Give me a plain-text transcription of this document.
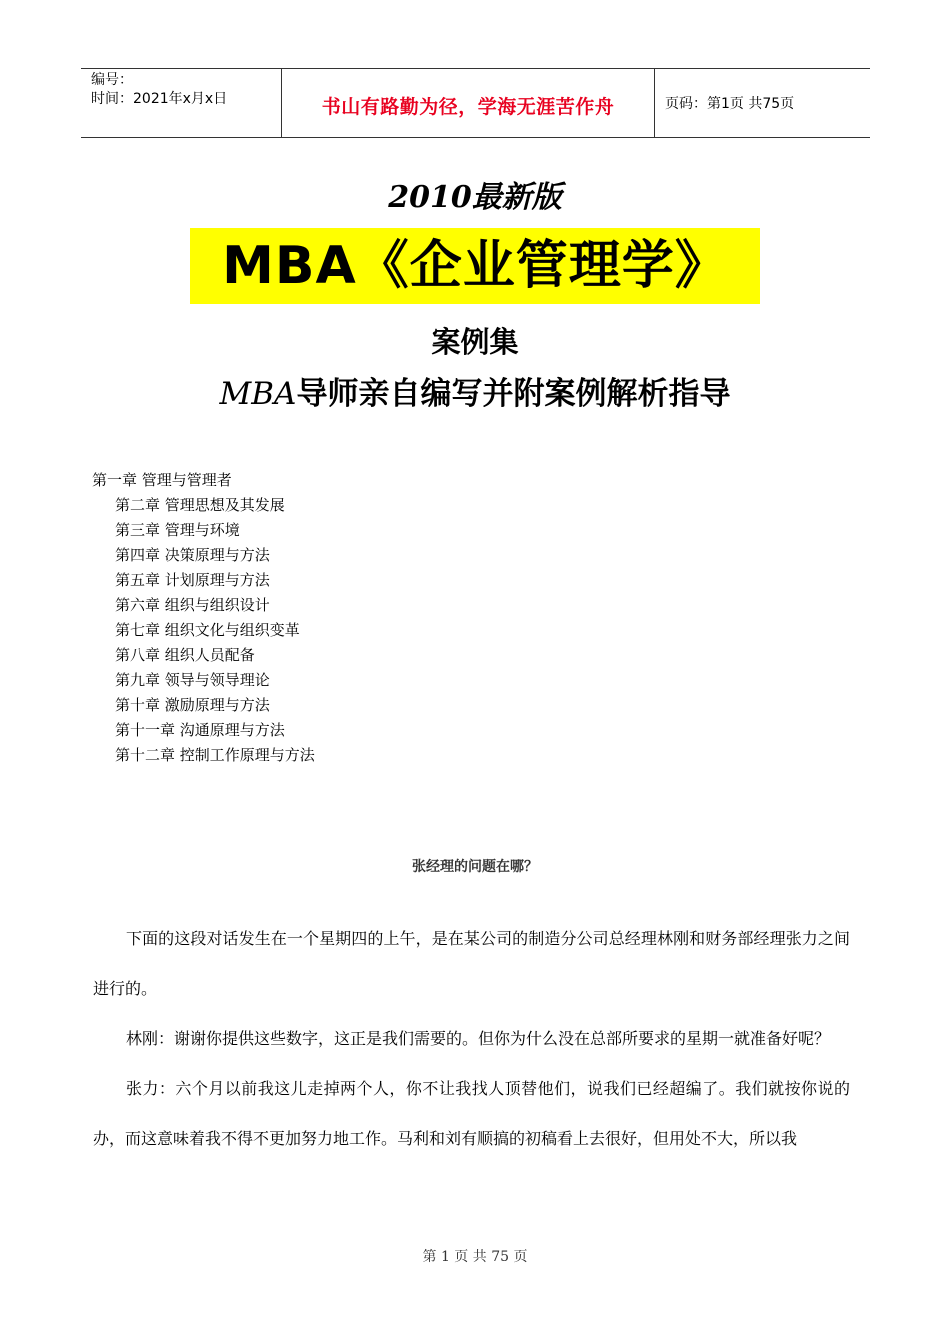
编号：
时间：2021年x月x日	书山有路勤为径，学海无涯苦作舟	页码：第1页 共75页
2010最新版
MBA《企业管理学》
案例集
MBA导师亲自编写并附案例解析指导
第一章 管理与管理者
第二章 管理思想及其发展
第三章 管理与环境
第四章 决策原理与方法
第五章 计划原理与方法
第六章 组织与组织设计
第七章 组织文化与组织变革
第八章 组织人员配备
第九章 领导与领导理论
第十章 激励原理与方法
第十一章 沟通原理与方法
第十二章 控制工作原理与方法
张经理的问题在哪？

下面的这段对话发生在一个星期四的上午，是在某公司的制造分公司总经理林刚和财务部经理张力之间进行的。

林刚：谢谢你提供这些数字，这正是我们需要的。但你为什么没在总部所要求的星期一就准备好呢？

张力：六个月以前我这儿走掉两个人，你不让我找人顶替他们，说我们已经超编了。我们就按你说的办，而这意味着我不得不更加努力地工作。马利和刘有顺搞的初稿看上去很好，但用处不大，所以我

第 1 页 共 75 页
